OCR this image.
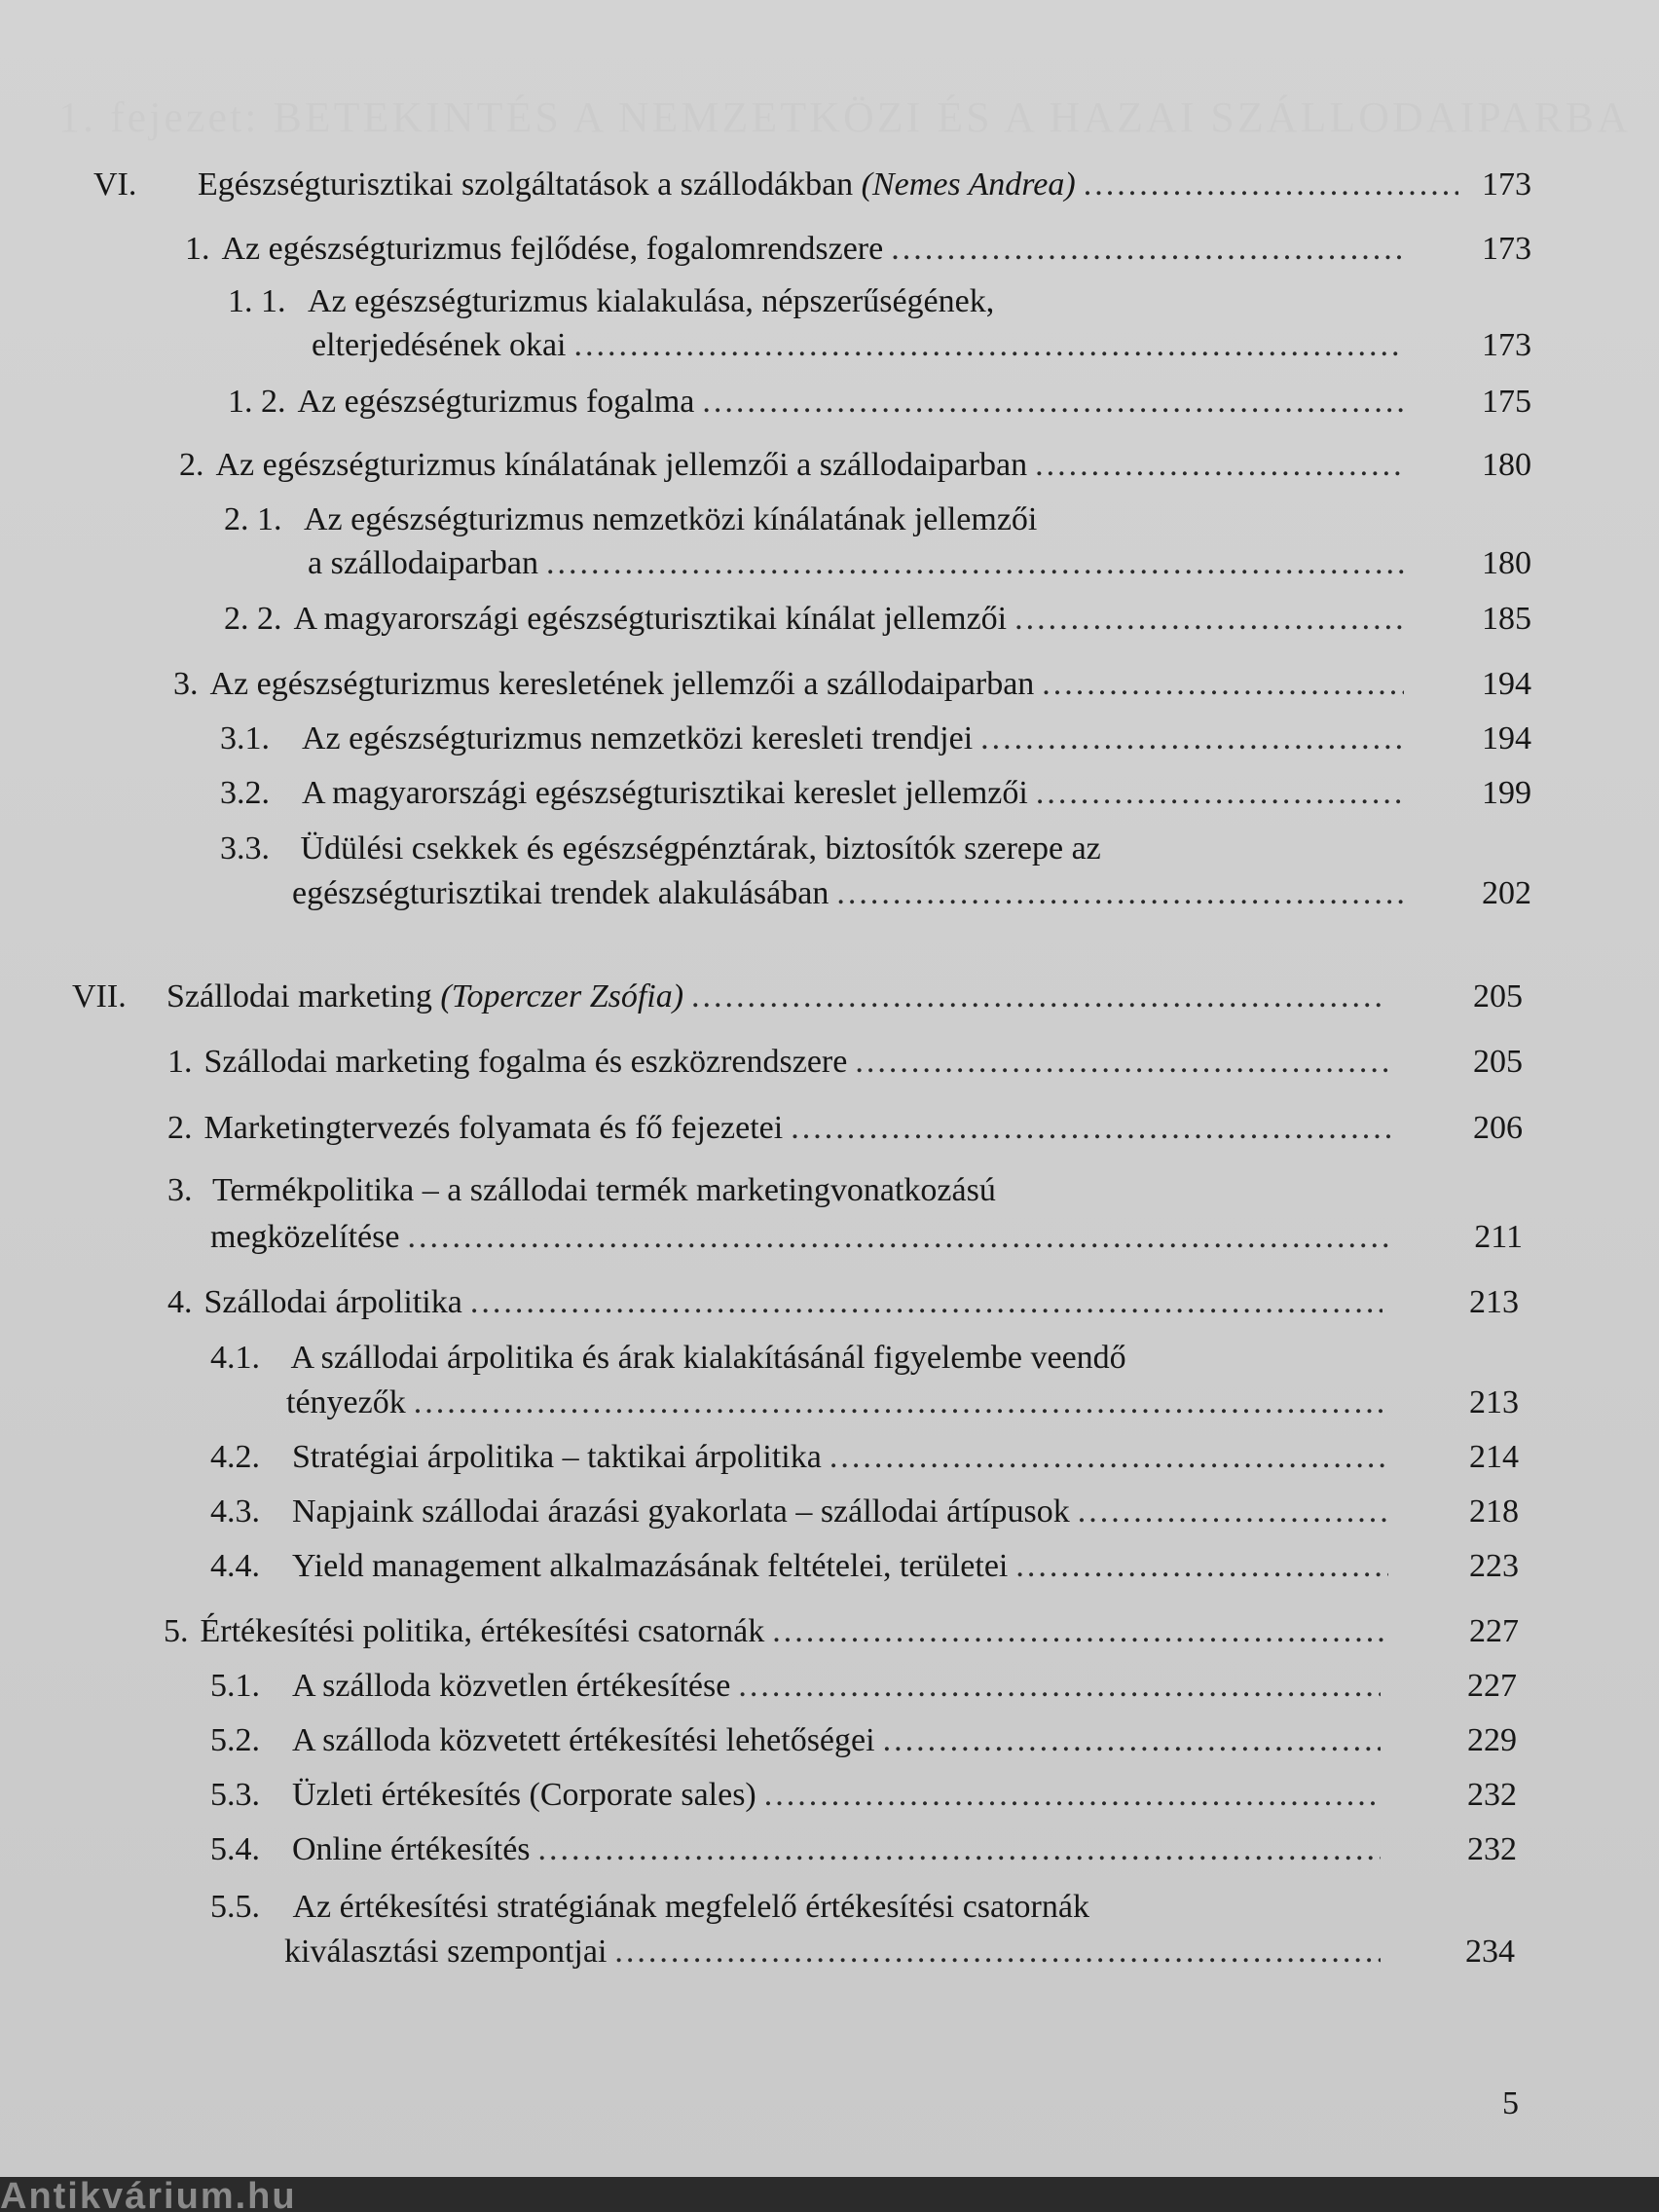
1. fejezet: BETEKINTÉS A NEMZETKÖZI ÉS A HAZAI SZÁLLODAIPARBA
VI.	Egészségturisztikai szolgáltatások a szállodákban (Nemes Andrea) .....	173
1. Az egészségturizmus fejlődése, fogalomrendszere .....	173
1. 1. Az egészségturizmus kialakulása, népszerűségének,
elterjedésének okai .....	173
1. 2. Az egészségturizmus fogalma .....	175
2. Az egészségturizmus kínálatának jellemzői a szállodaiparban .....	180
2. 1. Az egészségturizmus nemzetközi kínálatának jellemzői
a szállodaiparban .....	180
2. 2. A magyarországi egészségturisztikai kínálat jellemzői .....	185
3. Az egészségturizmus keresletének jellemzői a szállodaiparban .....	194
3.1. Az egészségturizmus nemzetközi keresleti trendjei .....	194
3.2. A magyarországi egészségturisztikai kereslet jellemzői .....	199
3.3. Üdülési csekkek és egészségpénztárak, biztosítók szerepe az
egészségturisztikai trendek alakulásában .....	202
VII.	Szállodai marketing (Toperczer Zsófia) .....	205
1. Szállodai marketing fogalma és eszközrendszere .....	205
2. Marketingtervezés folyamata és fő fejezetei .....	206
3. Termékpolitika – a szállodai termék marketingvonatkozású
megközelítése .....	211
4. Szállodai árpolitika .....	213
4.1. A szállodai árpolitika és árak kialakításánál figyelembe veendő
tényezők .....	213
4.2. Stratégiai árpolitika – taktikai árpolitika .....	214
4.3. Napjaink szállodai árazási gyakorlata – szállodai ártípusok .....	218
4.4. Yield management alkalmazásának feltételei, területei .....	223
5. Értékesítési politika, értékesítési csatornák .....	227
5.1. A szálloda közvetlen értékesítése .....	227
5.2. A szálloda közvetett értékesítési lehetőségei .....	229
5.3. Üzleti értékesítés (Corporate sales) .....	232
5.4. Online értékesítés .....	232
5.5. Az értékesítési stratégiának megfelelő értékesítési csatornák
kiválasztási szempontjai .....	234
5
Antikvárium.hu
